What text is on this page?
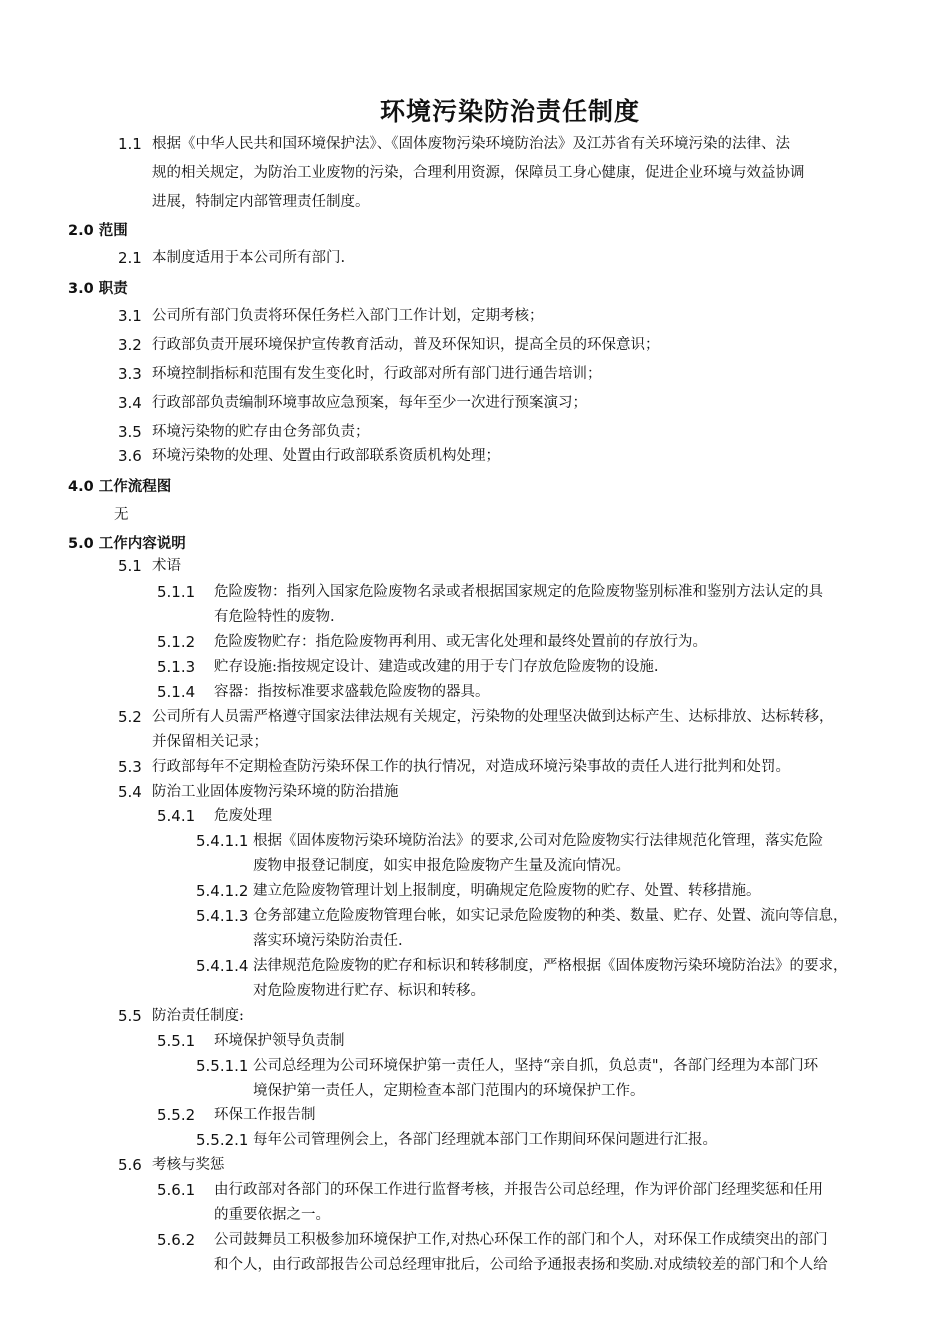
环境污染防治责任制度
1.1 根据《中华人民共和国环境保护法》、《固体废物污染环境防治法》及江苏省有关环境污染的法律、法
规的相关规定，为防治工业废物的污染，合理利用资源，保障员工身心健康，促进企业环境与效益协调
进展，特制定内部管理责任制度。
2.0 范围
2.1 本制度适用于本公司所有部门.
3.0 职责
3.1 公司所有部门负责将环保任务栏入部门工作计划，定期考核；
3.2 行政部负责开展环境保护宣传教育活动，普及环保知识，提高全员的环保意识；
3.3 环境控制指标和范围有发生变化时，行政部对所有部门进行通告培训；
3.4 行政部部负责编制环境事故应急预案，每年至少一次进行预案演习；
3.5 环境污染物的贮存由仓务部负责；
3.6 环境污染物的处理、处置由行政部联系资质机构处理；
4.0 工作流程图
无
5.0 工作内容说明
5.1 术语
5.1.1 危险废物：指列入国家危险废物名录或者根据国家规定的危险废物鉴别标准和鉴别方法认定的具
有危险特性的废物.
5.1.2 危险废物贮存：指危险废物再利用、或无害化处理和最终处置前的存放行为。
5.1.3 贮存设施:指按规定设计、建造或改建的用于专门存放危险废物的设施.
5.1.4 容器：指按标准要求盛载危险废物的器具。
5.2 公司所有人员需严格遵守国家法律法规有关规定，污染物的处理坚决做到达标产生、达标排放、达标转移，
并保留相关记录；
5.3 行政部每年不定期检查防污染环保工作的执行情况，对造成环境污染事故的责任人进行批判和处罚。
5.4 防治工业固体废物污染环境的防治措施
5.4.1 危废处理
5.4.1.1 根据《固体废物污染环境防治法》的要求,公司对危险废物实行法律规范化管理，落实危险
废物申报登记制度，如实申报危险废物产生量及流向情况。
5.4.1.2 建立危险废物管理计划上报制度，明确规定危险废物的贮存、处置、转移措施。
5.4.1.3 仓务部建立危险废物管理台帐，如实记录危险废物的种类、数量、贮存、处置、流向等信息，
落实环境污染防治责任.
5.4.1.4 法律规范危险废物的贮存和标识和转移制度，严格根据《固体废物污染环境防治法》的要求，
对危险废物进行贮存、标识和转移。
5.5 防治责任制度:
5.5.1 环境保护领导负责制
5.5.1.1 公司总经理为公司环境保护第一责任人，坚持“亲自抓，负总责"，各部门经理为本部门环
境保护第一责任人，定期检查本部门范围内的环境保护工作。
5.5.2 环保工作报告制
5.5.2.1 每年公司管理例会上，各部门经理就本部门工作期间环保问题进行汇报。
5.6 考核与奖惩
5.6.1 由行政部对各部门的环保工作进行监督考核，并报告公司总经理，作为评价部门经理奖惩和任用
的重要依据之一。
5.6.2 公司鼓舞员工积极参加环境保护工作,对热心环保工作的部门和个人，对环保工作成绩突出的部门
和个人，由行政部报告公司总经理审批后，公司给予通报表扬和奖励.对成绩较差的部门和个人给
